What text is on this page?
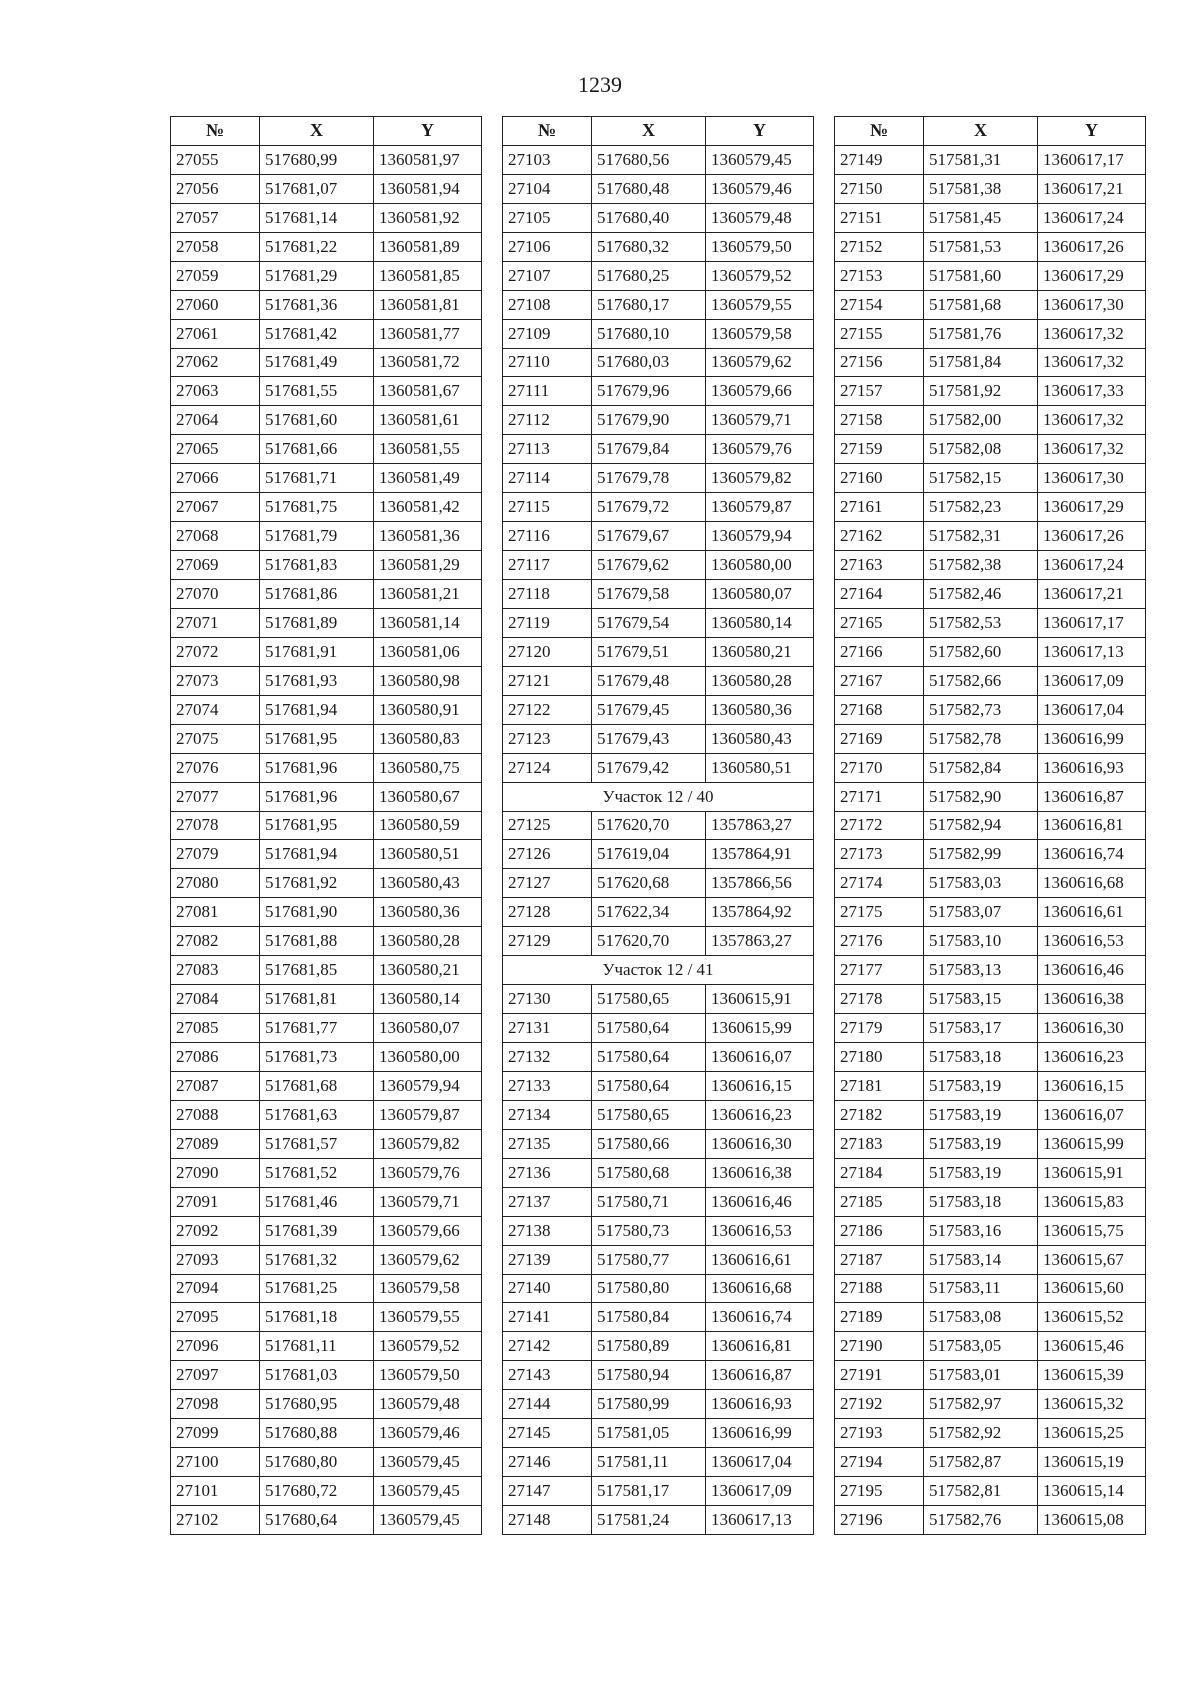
1239
№	X	Y
27055	517680,99	1360581,97
27056	517681,07	1360581,94
27057	517681,14	1360581,92
27058	517681,22	1360581,89
27059	517681,29	1360581,85
27060	517681,36	1360581,81
27061	517681,42	1360581,77
27062	517681,49	1360581,72
27063	517681,55	1360581,67
27064	517681,60	1360581,61
27065	517681,66	1360581,55
27066	517681,71	1360581,49
27067	517681,75	1360581,42
27068	517681,79	1360581,36
27069	517681,83	1360581,29
27070	517681,86	1360581,21
27071	517681,89	1360581,14
27072	517681,91	1360581,06
27073	517681,93	1360580,98
27074	517681,94	1360580,91
27075	517681,95	1360580,83
27076	517681,96	1360580,75
27077	517681,96	1360580,67
27078	517681,95	1360580,59
27079	517681,94	1360580,51
27080	517681,92	1360580,43
27081	517681,90	1360580,36
27082	517681,88	1360580,28
27083	517681,85	1360580,21
27084	517681,81	1360580,14
27085	517681,77	1360580,07
27086	517681,73	1360580,00
27087	517681,68	1360579,94
27088	517681,63	1360579,87
27089	517681,57	1360579,82
27090	517681,52	1360579,76
27091	517681,46	1360579,71
27092	517681,39	1360579,66
27093	517681,32	1360579,62
27094	517681,25	1360579,58
27095	517681,18	1360579,55
27096	517681,11	1360579,52
27097	517681,03	1360579,50
27098	517680,95	1360579,48
27099	517680,88	1360579,46
27100	517680,80	1360579,45
27101	517680,72	1360579,45
27102	517680,64	1360579,45
№	X	Y
27103	517680,56	1360579,45
27104	517680,48	1360579,46
27105	517680,40	1360579,48
27106	517680,32	1360579,50
27107	517680,25	1360579,52
27108	517680,17	1360579,55
27109	517680,10	1360579,58
27110	517680,03	1360579,62
27111	517679,96	1360579,66
27112	517679,90	1360579,71
27113	517679,84	1360579,76
27114	517679,78	1360579,82
27115	517679,72	1360579,87
27116	517679,67	1360579,94
27117	517679,62	1360580,00
27118	517679,58	1360580,07
27119	517679,54	1360580,14
27120	517679,51	1360580,21
27121	517679,48	1360580,28
27122	517679,45	1360580,36
27123	517679,43	1360580,43
27124	517679,42	1360580,51
Участок 12 / 40		
27125	517620,70	1357863,27
27126	517619,04	1357864,91
27127	517620,68	1357866,56
27128	517622,34	1357864,92
27129	517620,70	1357863,27
Участок 12 / 41		
27130	517580,65	1360615,91
27131	517580,64	1360615,99
27132	517580,64	1360616,07
27133	517580,64	1360616,15
27134	517580,65	1360616,23
27135	517580,66	1360616,30
27136	517580,68	1360616,38
27137	517580,71	1360616,46
27138	517580,73	1360616,53
27139	517580,77	1360616,61
27140	517580,80	1360616,68
27141	517580,84	1360616,74
27142	517580,89	1360616,81
27143	517580,94	1360616,87
27144	517580,99	1360616,93
27145	517581,05	1360616,99
27146	517581,11	1360617,04
27147	517581,17	1360617,09
27148	517581,24	1360617,13
№	X	Y
27149	517581,31	1360617,17
27150	517581,38	1360617,21
27151	517581,45	1360617,24
27152	517581,53	1360617,26
27153	517581,60	1360617,29
27154	517581,68	1360617,30
27155	517581,76	1360617,32
27156	517581,84	1360617,32
27157	517581,92	1360617,33
27158	517582,00	1360617,32
27159	517582,08	1360617,32
27160	517582,15	1360617,30
27161	517582,23	1360617,29
27162	517582,31	1360617,26
27163	517582,38	1360617,24
27164	517582,46	1360617,21
27165	517582,53	1360617,17
27166	517582,60	1360617,13
27167	517582,66	1360617,09
27168	517582,73	1360617,04
27169	517582,78	1360616,99
27170	517582,84	1360616,93
27171	517582,90	1360616,87
27172	517582,94	1360616,81
27173	517582,99	1360616,74
27174	517583,03	1360616,68
27175	517583,07	1360616,61
27176	517583,10	1360616,53
27177	517583,13	1360616,46
27178	517583,15	1360616,38
27179	517583,17	1360616,30
27180	517583,18	1360616,23
27181	517583,19	1360616,15
27182	517583,19	1360616,07
27183	517583,19	1360615,99
27184	517583,19	1360615,91
27185	517583,18	1360615,83
27186	517583,16	1360615,75
27187	517583,14	1360615,67
27188	517583,11	1360615,60
27189	517583,08	1360615,52
27190	517583,05	1360615,46
27191	517583,01	1360615,39
27192	517582,97	1360615,32
27193	517582,92	1360615,25
27194	517582,87	1360615,19
27195	517582,81	1360615,14
27196	517582,76	1360615,08
